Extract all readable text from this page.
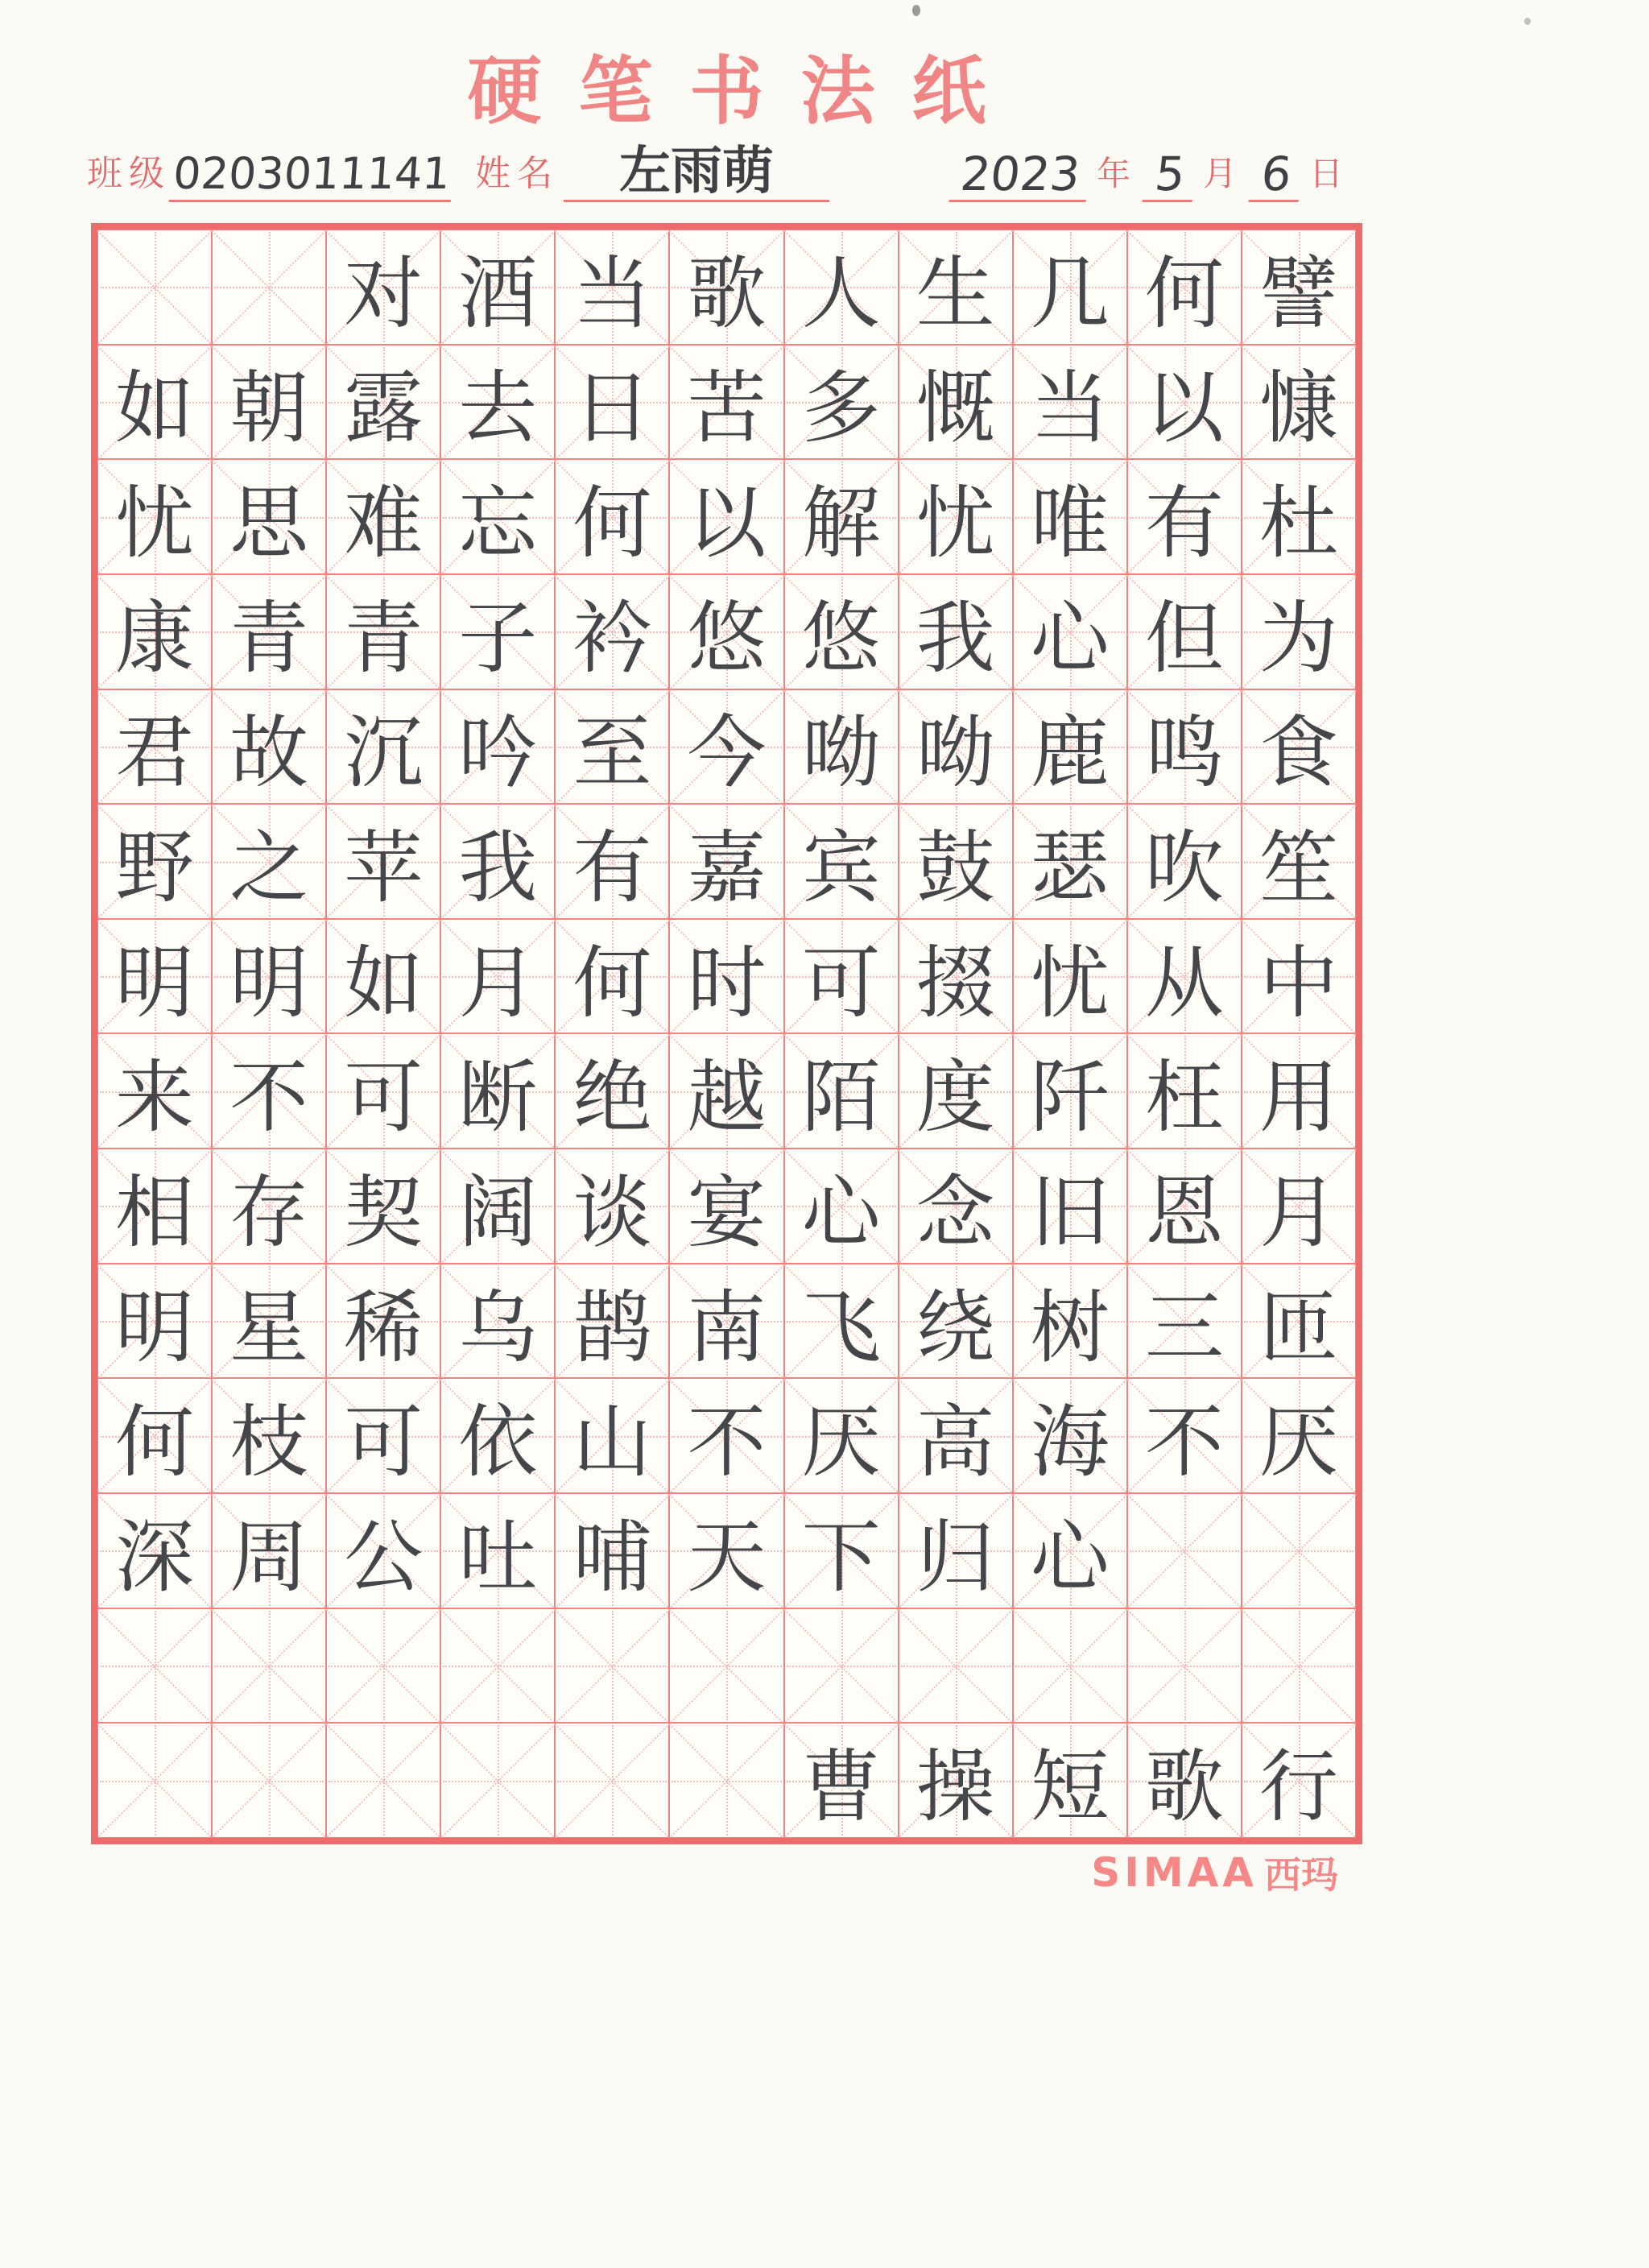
硬笔书法纸
班级 0203011141 姓名	左雨萌	2023 年 5 月 6 日
对 酒 当 歌 人 生 几 何 譬
如 朝 露 去 日 苦 多 慨 当 以 慷
忧 思 难 忘 何 以 解 忧 唯 有 杜
康 青 青 子 衿 悠 悠 我 心 但 为
君 故 沉 吟 至 今 呦 呦 鹿 鸣 食
野 之 苹 我 有 嘉 宾 鼓 瑟 吹 笙
明 明 如 月 何 时 可 掇 忧 从 中
来 不 可 断 绝 越 陌 度 阡 枉 用
相 存 契 阔 谈 宴 心 念 旧 恩 月
明 星 稀 乌 鹊 南 飞 绕 树 三 匝
何 枝 可 依 山 不 厌 高 海 不 厌
深 周 公 吐 哺 天 下 归 心
曹 操 短 歌 行
SIMAA 西玛
